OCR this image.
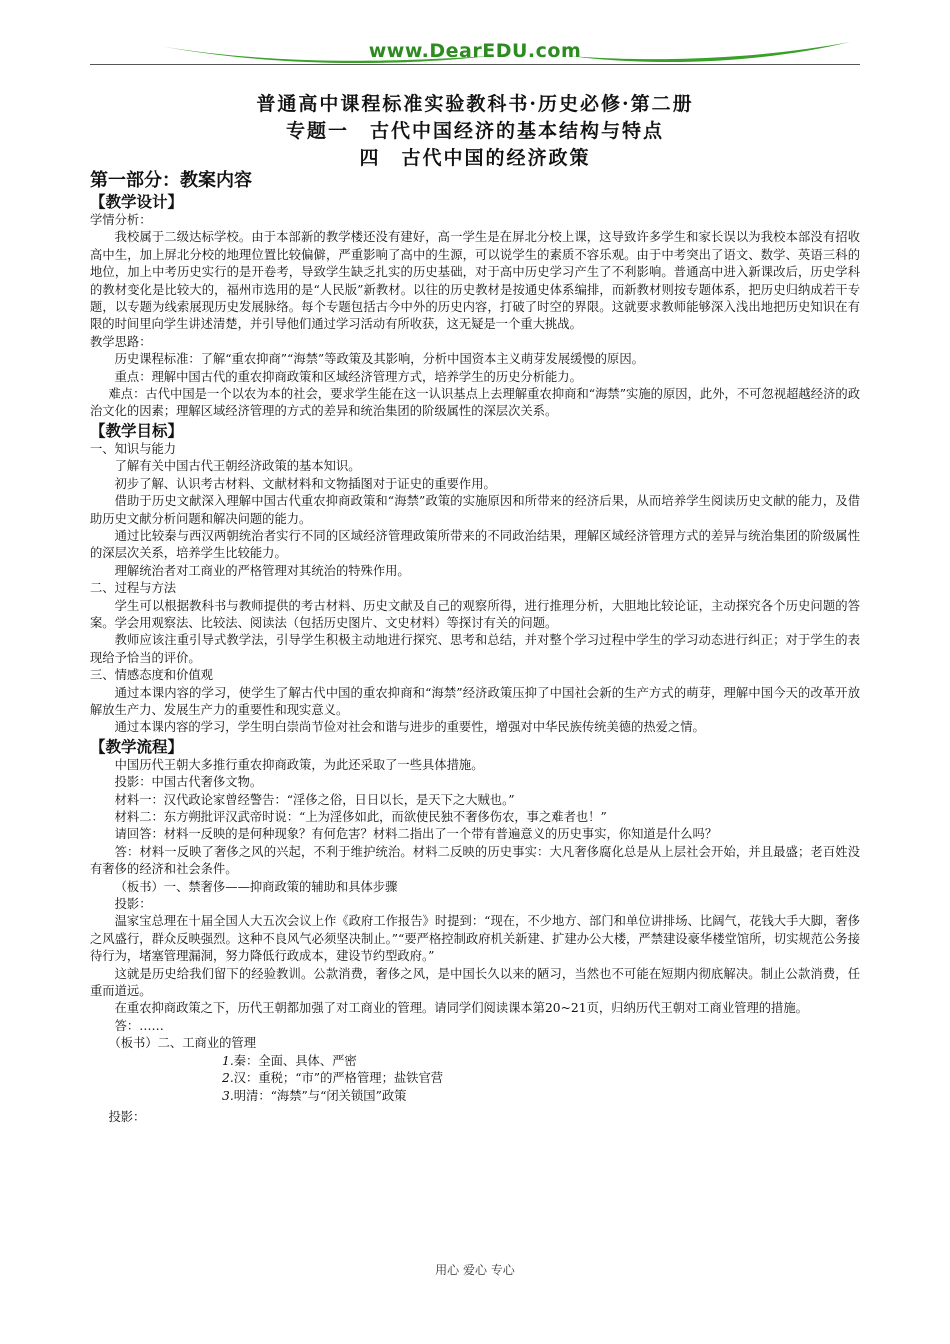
www.DearEDU.com
普通高中课程标准实验教科书·历史必修·第二册
专题一　古代中国经济的基本结构与特点
四　古代中国的经济政策

第一部分：教案内容

【教学设计】

学情分析：

我校属于二级达标学校。由于本部新的教学楼还没有建好，高一学生是在屏北分校上课，这导致许多学生和家长误以为我校本部没有招收高中生，加上屏北分校的地理位置比较偏僻，严重影响了高中的生源，可以说学生的素质不容乐观。由于中考突出了语文、数学、英语三科的地位，加上中考历史实行的是开卷考，导致学生缺乏扎实的历史基础，对于高中历史学习产生了不利影响。普通高中进入新课改后，历史学科的教材变化是比较大的，福州市选用的是“人民版”新教材。以往的历史教材是按通史体系编排，而新教材则按专题体系，把历史归纳成若干专题，以专题为线索展现历史发展脉络。每个专题包括古今中外的历史内容，打破了时空的界限。这就要求教师能够深入浅出地把历史知识在有限的时间里向学生讲述清楚，并引导他们通过学习活动有所收获，这无疑是一个重大挑战。

教学思路：

历史课程标准：了解“重农抑商”“海禁”等政策及其影响，分析中国资本主义萌芽发展缓慢的原因。

重点：理解中国古代的重农抑商政策和区域经济管理方式，培养学生的历史分析能力。

难点：古代中国是一个以农为本的社会，要求学生能在这一认识基点上去理解重农抑商和“海禁”实施的原因，此外，不可忽视超越经济的政治文化的因素；理解区域经济管理的方式的差异和统治集团的阶级属性的深层次关系。

【教学目标】

一、知识与能力

了解有关中国古代王朝经济政策的基本知识。

初步了解、认识考古材料、文献材料和文物插图对于证史的重要作用。

借助于历史文献深入理解中国古代重农抑商政策和“海禁”政策的实施原因和所带来的经济后果，从而培养学生阅读历史文献的能力，及借助历史文献分析问题和解决问题的能力。

通过比较秦与西汉两朝统治者实行不同的区域经济管理政策所带来的不同政治结果，理解区域经济管理方式的差异与统治集团的阶级属性的深层次关系，培养学生比较能力。

理解统治者对工商业的严格管理对其统治的特殊作用。

二、过程与方法

学生可以根据教科书与教师提供的考古材料、历史文献及自己的观察所得，进行推理分析，大胆地比较论证，主动探究各个历史问题的答案。学会用观察法、比较法、阅读法（包括历史图片、文史材料）等探讨有关的问题。

教师应该注重引导式教学法，引导学生积极主动地进行探究、思考和总结，并对整个学习过程中学生的学习动态进行纠正；对于学生的表现给予恰当的评价。

三、情感态度和价值观

通过本课内容的学习，使学生了解古代中国的重农抑商和“海禁”经济政策压抑了中国社会新的生产方式的萌芽，理解中国今天的改革开放解放生产力、发展生产力的重要性和现实意义。

通过本课内容的学习，学生明白崇尚节俭对社会和谐与进步的重要性，增强对中华民族传统美德的热爱之情。

【教学流程】

中国历代王朝大多推行重农抑商政策，为此还采取了一些具体措施。

投影：中国古代奢侈文物。

材料一：汉代政论家曾经警告：“淫侈之俗，日日以长，是天下之大贼也。”

材料二：东方朔批评汉武帝时说：“上为淫侈如此，而欲使民独不奢侈伤农，事之难者也！”

请回答：材料一反映的是何种现象？有何危害？材料二指出了一个带有普遍意义的历史事实，你知道是什么吗？

答：材料一反映了奢侈之风的兴起，不利于维护统治。材料二反映的历史事实：大凡奢侈腐化总是从上层社会开始，并且最盛；老百姓没有奢侈的经济和社会条件。

（板书）一、禁奢侈——抑商政策的辅助和具体步骤

投影：

温家宝总理在十届全国人大五次会议上作《政府工作报告》时提到：“现在，不少地方、部门和单位讲排场、比阔气，花钱大手大脚，奢侈之风盛行，群众反映强烈。这种不良风气必须坚决制止。”“要严格控制政府机关新建、扩建办公大楼，严禁建设豪华楼堂馆所，切实规范公务接待行为，堵塞管理漏洞，努力降低行政成本，建设节约型政府。”

这就是历史给我们留下的经验教训。公款消费，奢侈之风，是中国长久以来的陋习，当然也不可能在短期内彻底解决。制止公款消费，任重而道远。

在重农抑商政策之下，历代王朝都加强了对工商业的管理。请同学们阅读课本第20~21页，归纳历代王朝对工商业管理的措施。

答：……

（板书）二、工商业的管理

1.秦：全面、具体、严密

2.汉：重税；“市”的严格管理；盐铁官营

3.明清：“海禁”与“闭关锁国”政策

投影：

用心 爱心 专心
